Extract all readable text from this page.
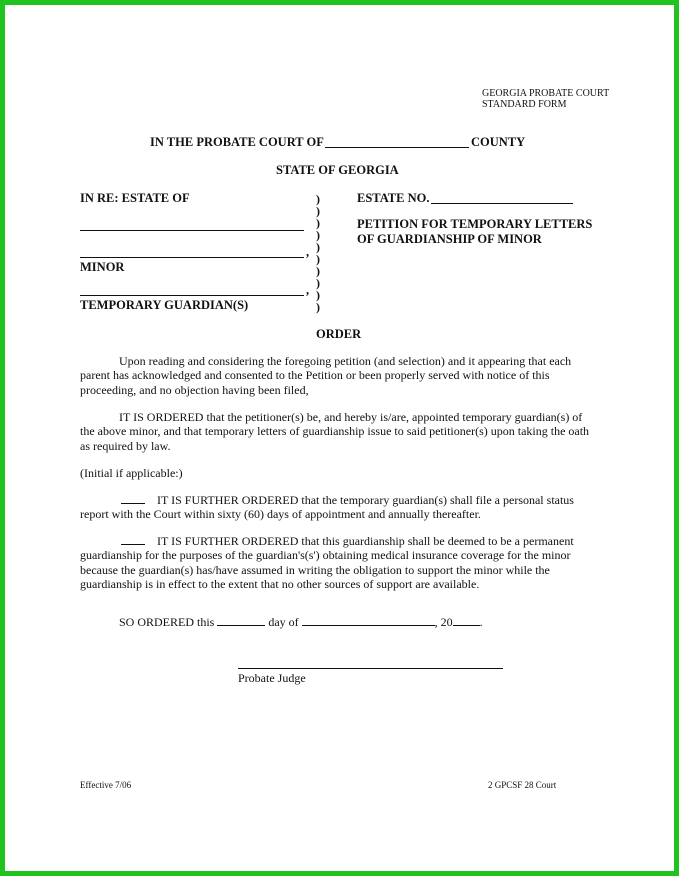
GEORGIA PROBATE COURT
STANDARD FORM
IN THE PROBATE COURT OF	COUNTY
STATE OF GEORGIA
IN RE: ESTATE OF
,
MINOR
,
TEMPORARY GUARDIAN(S)
)
)
)
)
)
)
)
)
)
)
ESTATE NO.
PETITION FOR TEMPORARY LETTERS
OF GUARDIANSHIP OF MINOR
ORDER
Upon reading and considering the foregoing petition (and selection) and it appearing that each
parent has acknowledged and consented to the Petition or been properly served with notice of this
proceeding, and no objection having been filed,
IT IS ORDERED that the petitioner(s) be, and hereby is/are, appointed temporary guardian(s) of
the above minor, and that temporary letters of guardianship issue to said petitioner(s) upon taking the oath
as required by law.
(Initial if applicable:)
IT IS FURTHER ORDERED that the temporary guardian(s) shall file a personal status
report with the Court within sixty (60) days of appointment and annually thereafter.
IT IS FURTHER ORDERED that this guardianship shall be deemed to be a permanent
guardianship for the purposes of the guardian's(s') obtaining medical insurance coverage for the minor
because the guardian(s) has/have assumed in writing the obligation to support the minor while the
guardianship is in effect to the extent that no other sources of support are available.
SO ORDERED this	day of	, 20 .
Probate Judge
Effective 7/06	2 GPCSF 28 Court
